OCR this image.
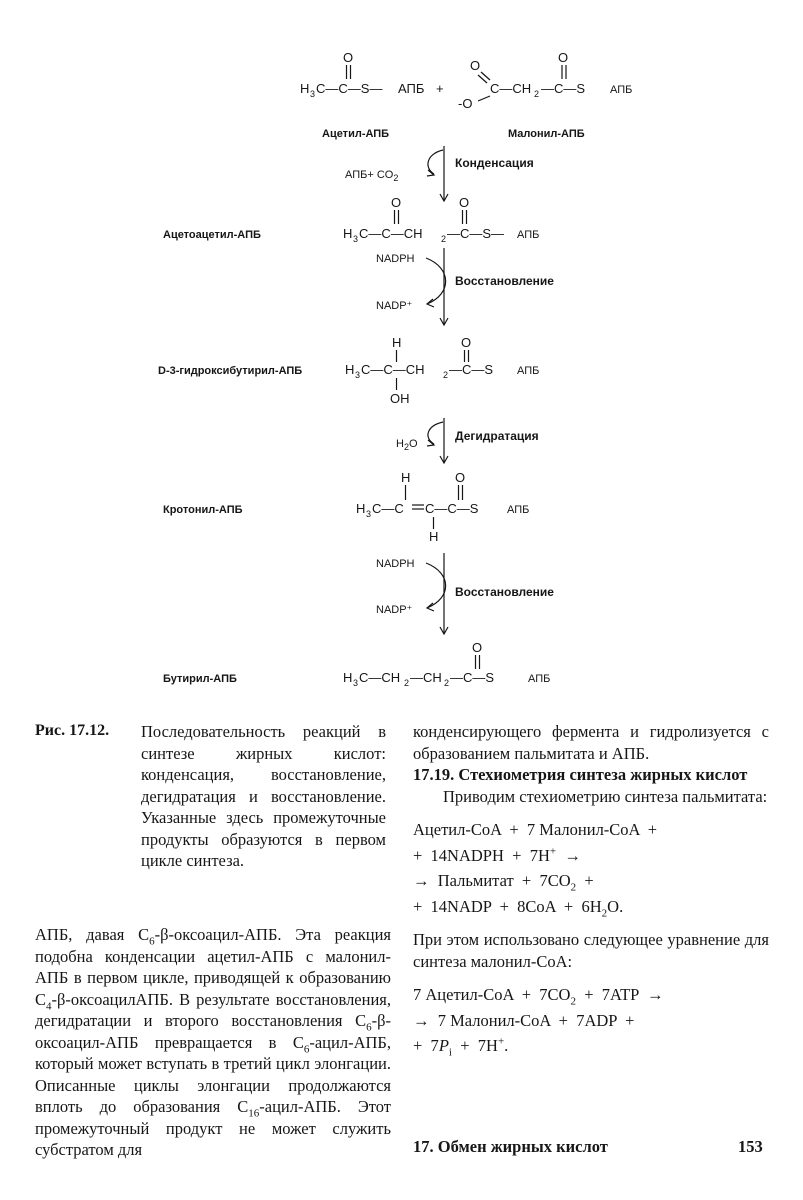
H 3 C—C—S— АПБ
O
+
O
C—CH 2 —C—S АПБ
-O
O
Ацетил-АПБ	Малонил-АПБ
$АПБ+ CO_2$
Конденсация
Ацетоацетил-АПБ	H 3 C—C—CH 2 —C—S— АПБ
O	O
NADPH
NADP⁺
Восстановление
D-3-гидроксибутирил-АПБ	H 3 C—C—CH 2 —C—S АПБ
H
OH
O
$H_2O$
Дегидратация
Кротонил-АПБ	H 3 C—C C—C—S	АПБ
H
H
O
NADPH
NADP⁺
Восстановление
Бутирил-АПБ	H 3 C—CH 2 —CH 2 —C—S	АПБ
O
Рис. 17.12. Последовательность реакций в синтезе жирных кислот: конденсация, восстановление, дегидратация и восстановление. Указанные здесь промежуточные продукты образуются в первом цикле синтеза.
АПБ, давая $C_6-\beta-оксоацил$-АПБ. Эта реакция подобна конденсации ацетил-АПБ с малонил-АПБ в первом цикле, приводящей к образованию $C_4-\beta$-оксоацилАПБ. В результате восстановления, дегидратации и второго восстановления $C_6-\beta-оксоацил$-АПБ превращается в $C_6-ацил$-АПБ, который может вступать в третий цикл элонгации. Описанные циклы элонгации продолжаются вплоть до образования $C_{16}-ацил$-АПБ. Этот промежуточный продукт не может служить субстратом для
конденсирующего фермента и гидролизуется с образованием пальмитата и АПБ.
17.19. Стехиометрия синтеза жирных кислот
Приводим стехиометрию синтеза пальмитата:
Ацетил-CoA  +  7 Малонил-CoA  +
+  14NADPH  +  7H+  →
→  Пальмитат  +  $7CO_2$  +
+  14NADP  +  $8CoA + 6H_2O$.
При этом использовано следующее уравнение для синтеза малонил-CoA:
7 Ацетил-CoA  +  $7CO_2 + 7ATP$  →
→  7 Малонил-CoA  +  7ADP  +
+  $7P_i + 7H^+$.
17. Обмен жирных кислот	153
